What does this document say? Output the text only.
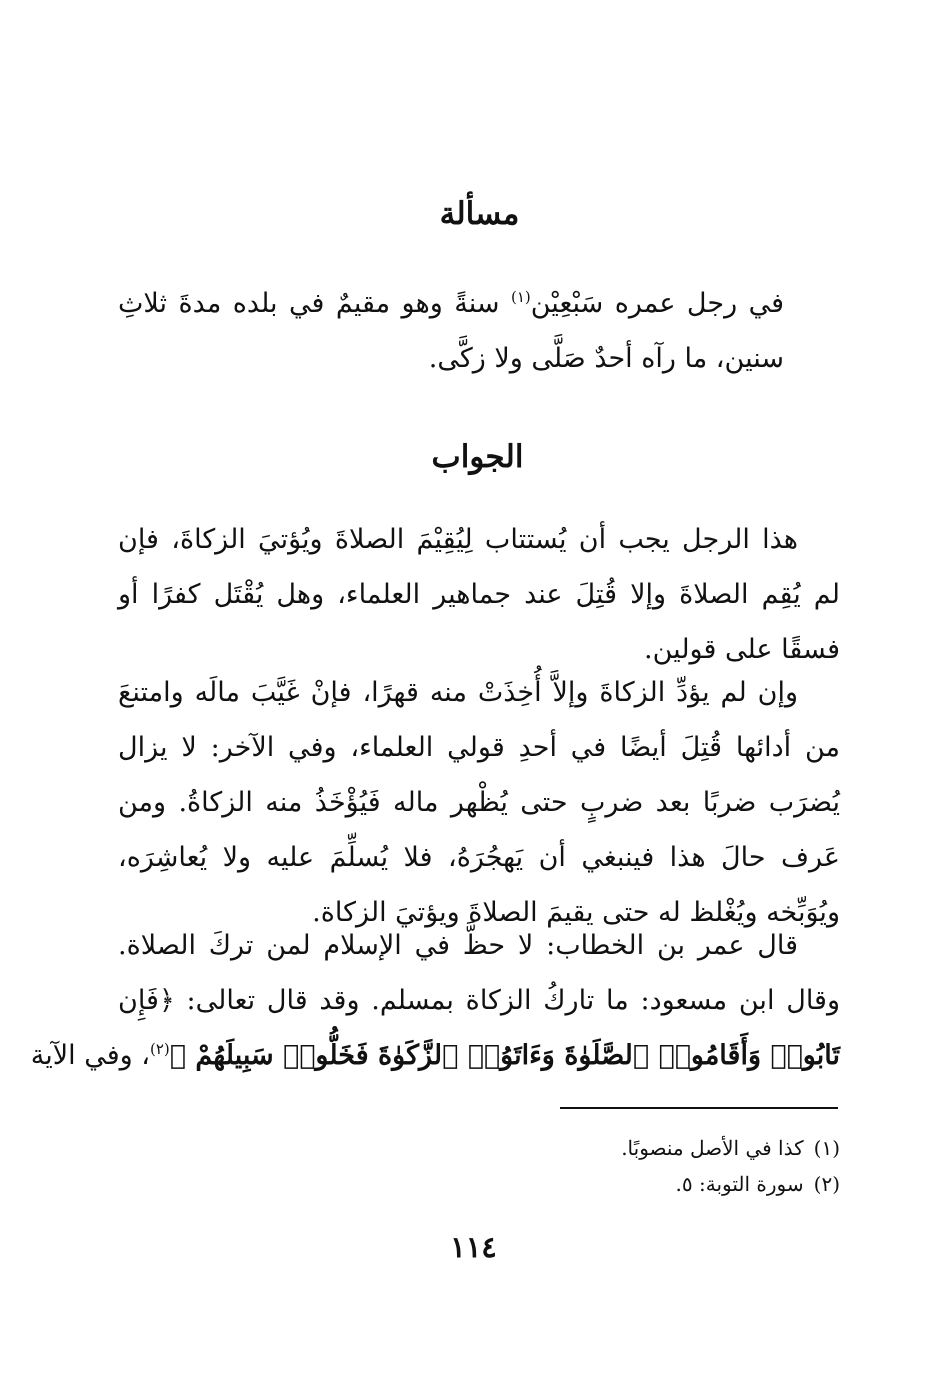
مسألة
في رجل عمره سَبْعِيْن$^{(١)}$ سنةً وهو مقيمٌ في بلده مدةَ ثلاثِ
سنين، ما رآه أحدٌ صَلَّى ولا زكَّى.
الجواب
هذا الرجل يجب أن يُستتاب لِيُقِيْمَ الصلاةَ ويُؤتيَ الزكاةَ، فإن
لم يُقِم الصلاةَ وإلا قُتِلَ عند جماهير العلماء، وهل يُقْتَل كفرًا أو
فسقًا على قولين.
وإن لم يؤدِّ الزكاةَ وإلاَّ أُخِذَتْ منه قهرًا، فإنْ غَيَّبَ مالَه وامتنعَ
من أدائها قُتِلَ أيضًا في أحدِ قولي العلماء، وفي الآخر: لا يزال
يُضرَب ضربًا بعد ضربٍ حتى يُظْهر ماله فَيُؤْخَذُ منه الزكاةُ. ومن
عَرف حالَ هذا فينبغي أن يَهجُرَهُ، فلا يُسلِّمَ عليه ولا يُعاشِرَه،
ويُوَبِّخه ويُغْلظ له حتى يقيمَ الصلاةَ ويؤتيَ الزكاة.
قال عمر بن الخطاب: لا حظَّ في الإسلام لمن تركَ الصلاة.
وقال ابن مسعود: ما تاركُ الزكاة بمسلم. وقد قال تعالى: ﴿فَإِن
تَابُوا۟ وَأَقَامُوا۟ ٱلصَّلَوٰةَ وَءَاتَوُا۟ ٱلزَّكَوٰةَ فَخَلُّوا۟ سَبِيلَهُمْ ﴾$^{(٢)}$، وفي الآية
(١)كذا في الأصل منصوبًا.
(٢)سورة التوبة: ٥.
١١٤
